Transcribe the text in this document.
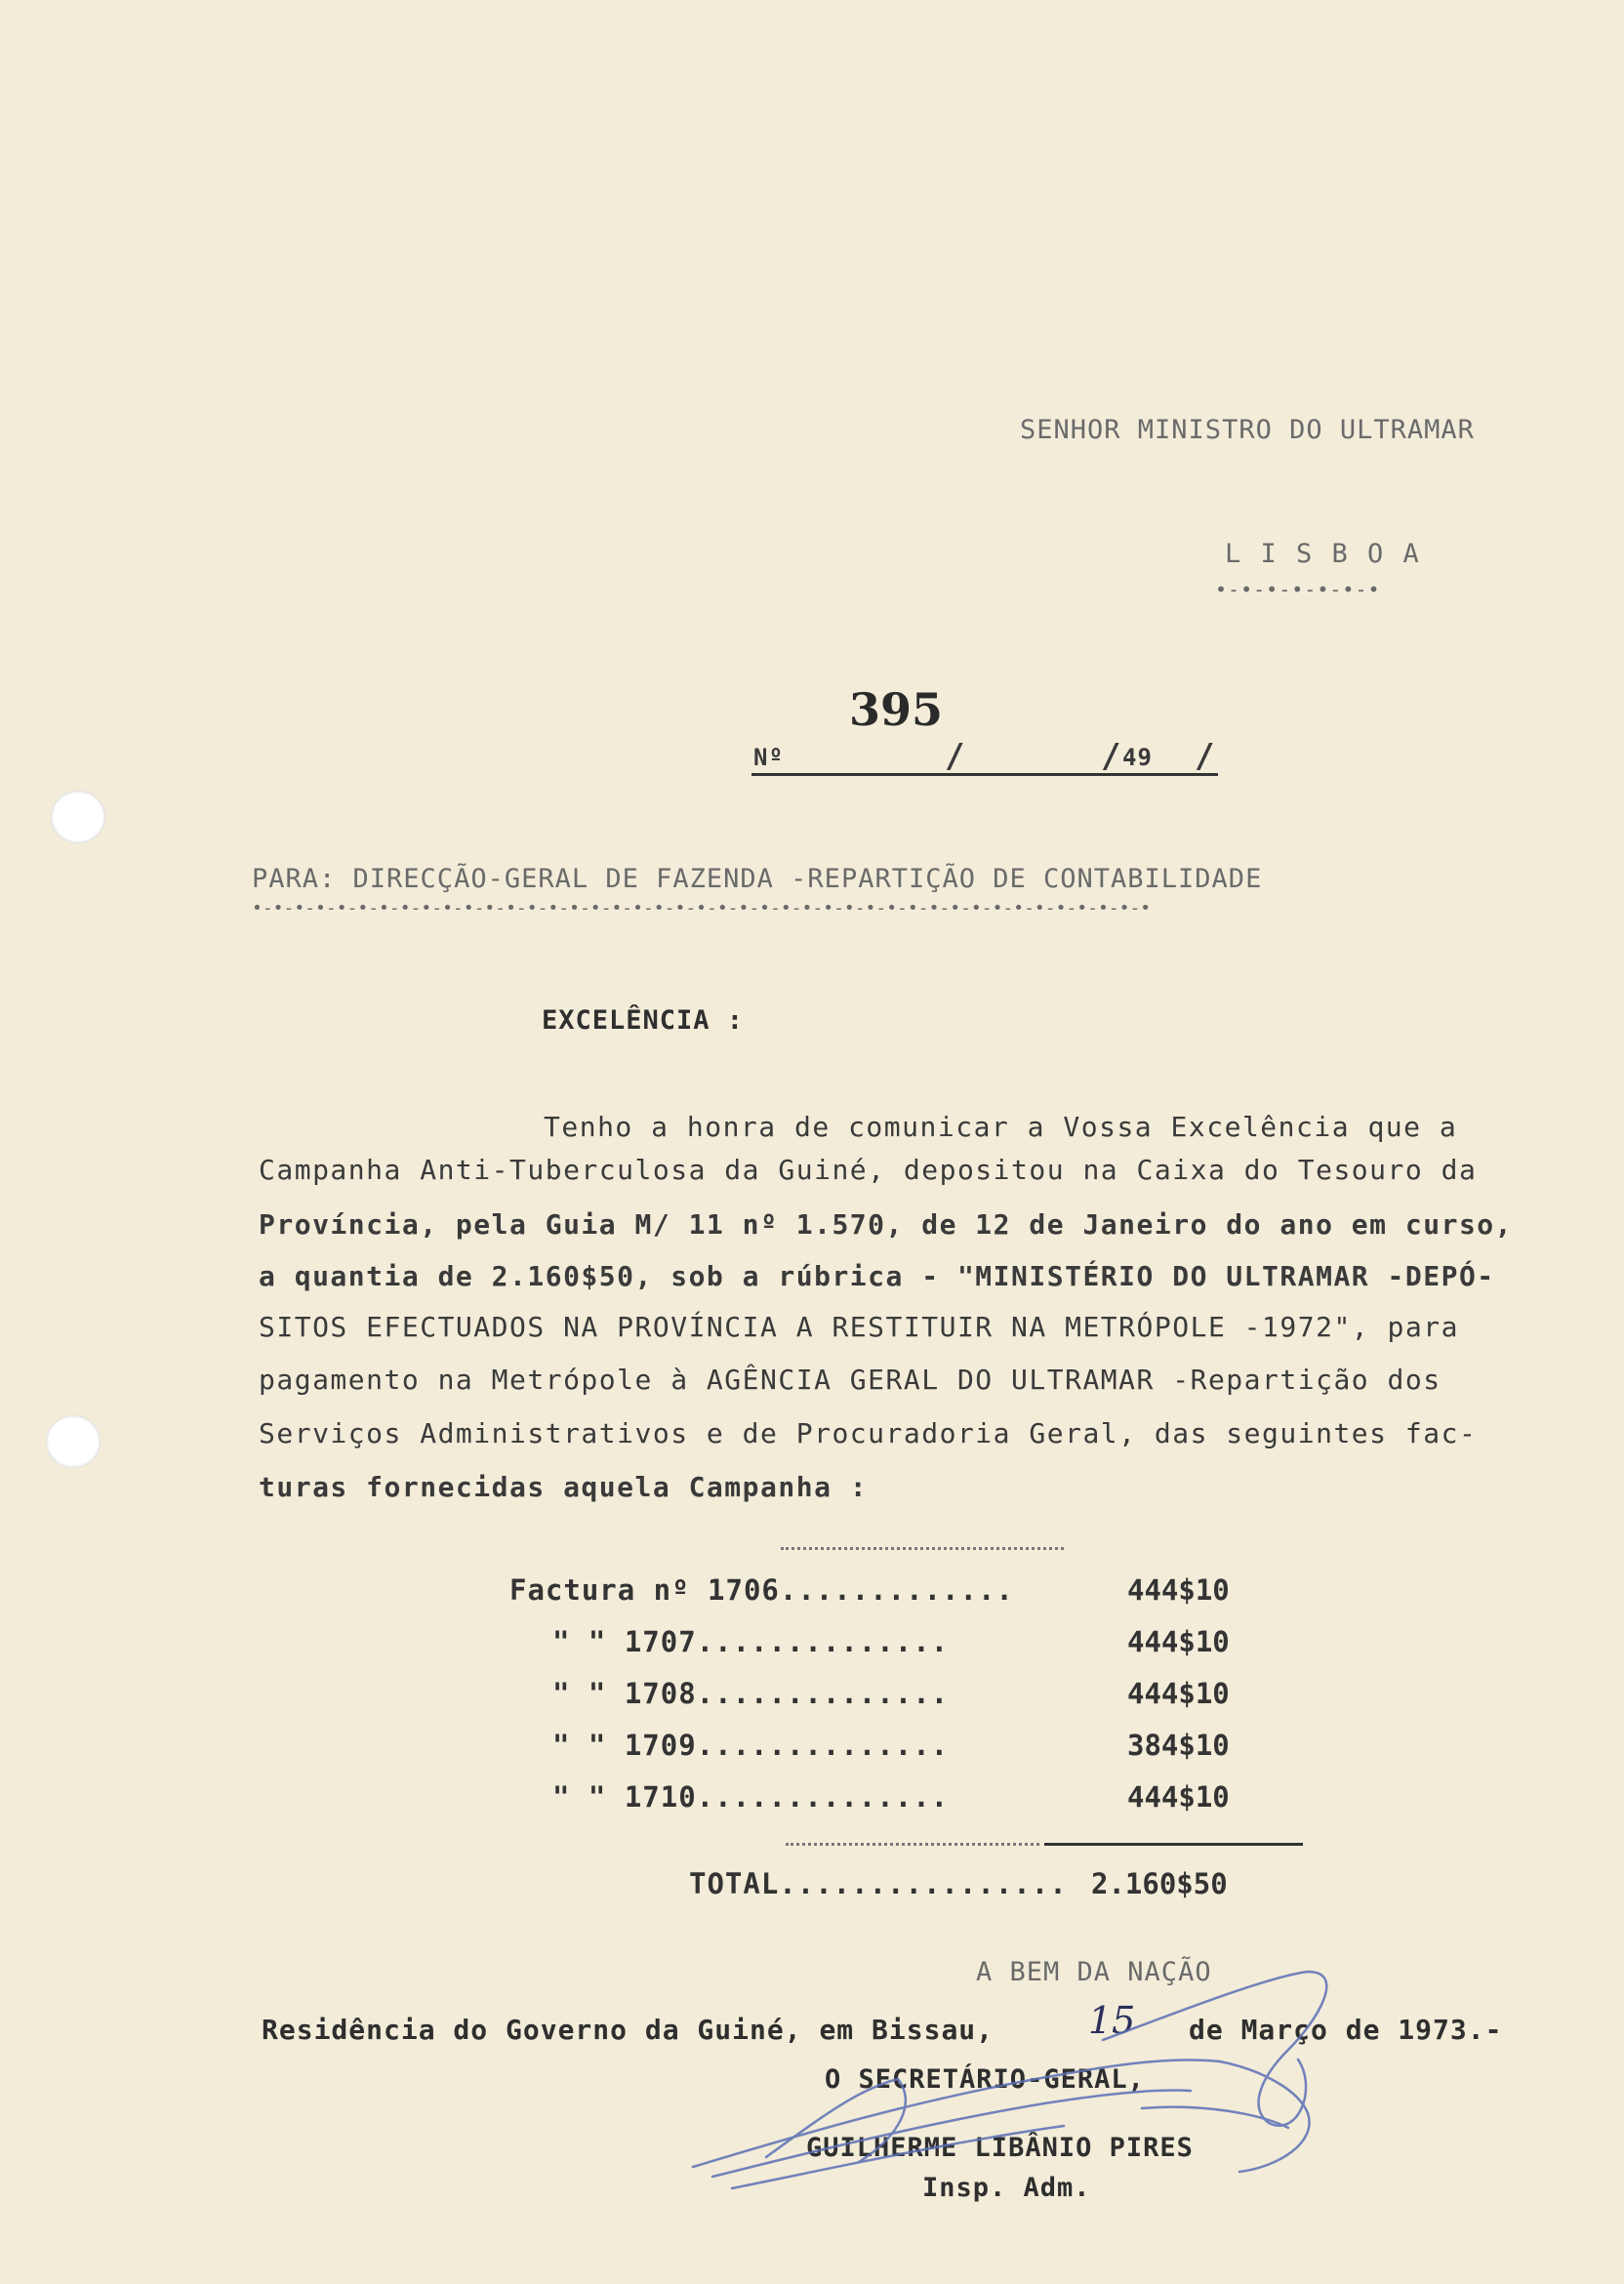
SENHOR MINISTRO DO ULTRAMAR
L I S B O A
•-•-•-•-•-•-•
395
Nº	/	/ 49 /
PARA: DIRECÇÃO-GERAL DE FAZENDA -REPARTIÇÃO DE CONTABILIDADE
•-•-•-•-•-•-•-•-•-•-•-•-•-•-•-•-•-•-•-•-•-•-•-•-•-•-•-•-•-•-•-•-•-•-•-•-•-•-•-•-•-•-•
EXCELÊNCIA :
Tenho a honra de comunicar a Vossa Excelência que a
Campanha Anti-Tuberculosa da Guiné, depositou na Caixa do Tesouro da
Província, pela Guia M/ 11 nº 1.570, de 12 de Janeiro do ano em curso,
a quantia de 2.160$50, sob a rúbrica - "MINISTÉRIO DO ULTRAMAR -DEPÓ-
SITOS EFECTUADOS NA PROVÍNCIA A RESTITUIR NA METRÓPOLE -1972", para
pagamento na Metrópole à AGÊNCIA GERAL DO ULTRAMAR -Repartição dos
Serviços Administrativos e de Procuradoria Geral, das seguintes fac-
turas fornecidas aquela Campanha :
Factura nº 1706.............	444$10
" " 1707..............	444$10
" " 1708..............	444$10
" " 1709..............	384$10
" " 1710..............	444$10
TOTAL................ 2.160$50
A BEM DA NAÇÃO
Residência do Governo da Guiné, em Bissau,	15 de Março de 1973.-
O SECRETÁRIO-GERAL,
GUILHERME LIBÂNIO PIRES
Insp. Adm.
